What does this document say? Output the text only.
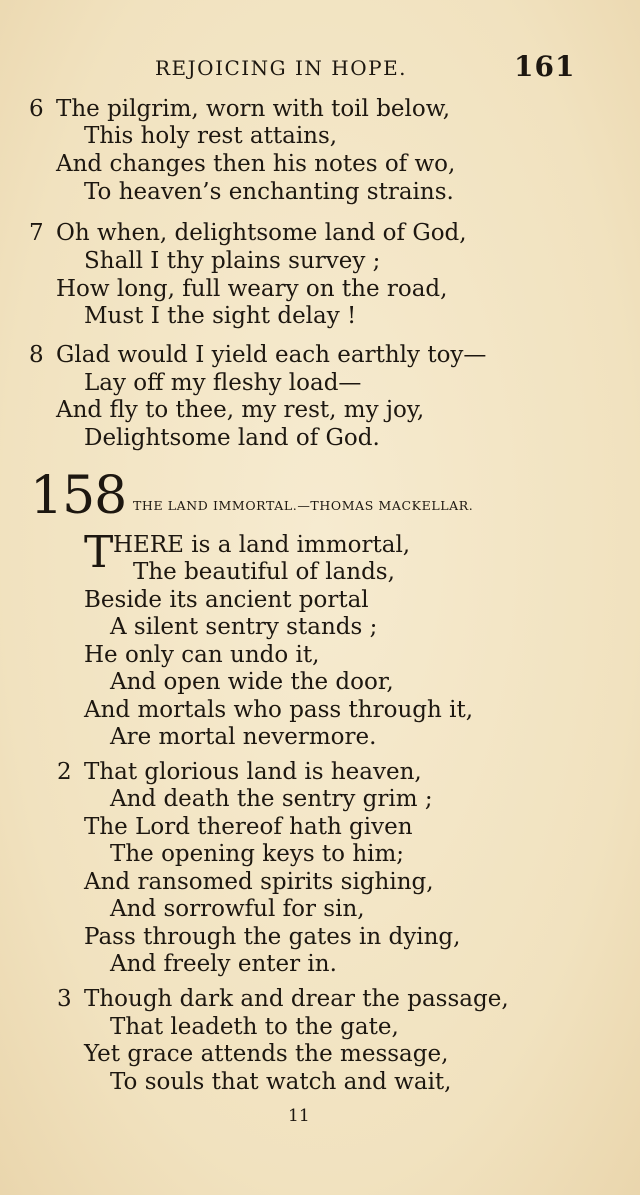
REJOICING IN HOPE.	161
6 The pilgrim, worn with toil below,
This holy rest attains,
And changes then his notes of wo,
To heaven’s enchanting strains.
7 Oh when, delightsome land of God,
Shall I thy plains survey ;
How long, full weary on the road,
Must I the sight delay !
8 Glad would I yield each earthly toy—
Lay off my fleshy load—
And fly to thee, my rest, my joy,
Delightsome land of God.
158 THE LAND IMMORTAL.—THOMAS MACKELLAR.
T HERE is a land immortal,
The beautiful of lands,
Beside its ancient portal
A silent sentry stands ;
He only can undo it,
And open wide the door,
And mortals who pass through it,
Are mortal nevermore.
2 That glorious land is heaven,
And death the sentry grim ;
The Lord thereof hath given
The opening keys to him;
And ransomed spirits sighing,
And sorrowful for sin,
Pass through the gates in dying,
And freely enter in.
3 Though dark and drear the passage,
That leadeth to the gate,
Yet grace attends the message,
To souls that watch and wait,
11
